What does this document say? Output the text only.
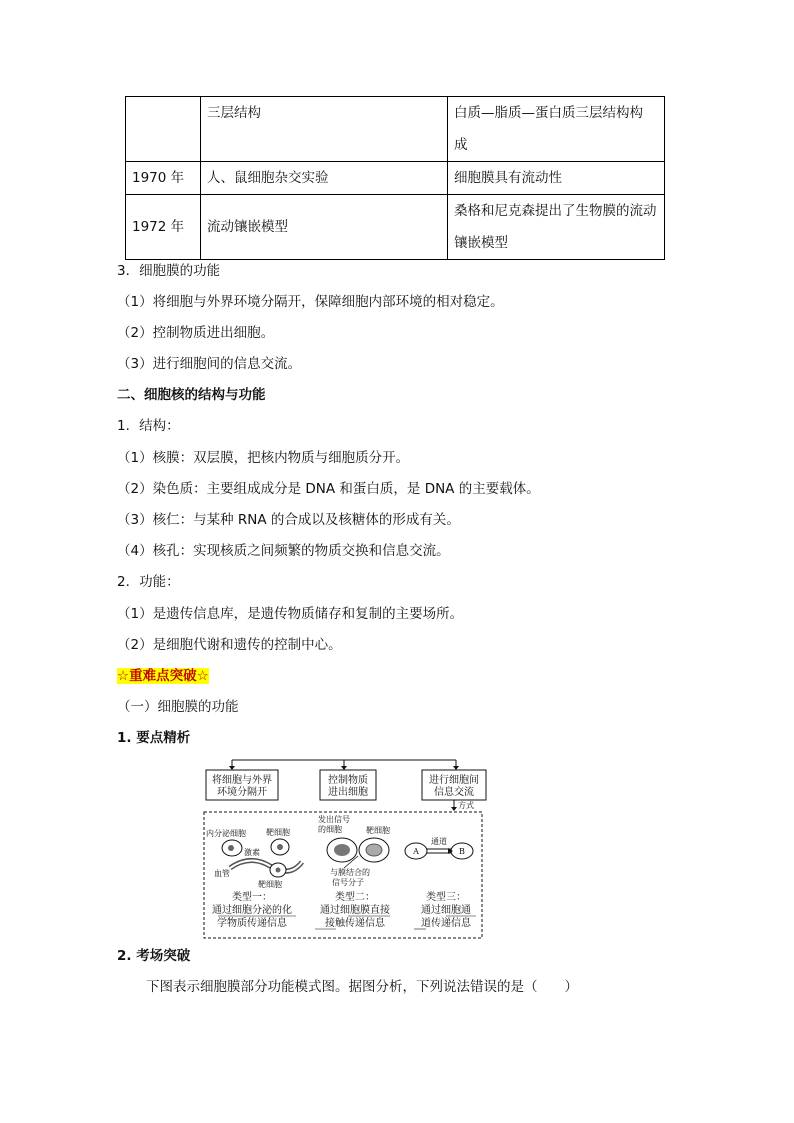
	三层结构	白质—脂质—蛋白质三层结构构
成

1970 年	人、鼠细胞杂交实验	细胞膜具有流动性
1972 年	流动镶嵌模型	桑格和尼克森提出了生物膜的流动
镶嵌模型
3．细胞膜的功能
（1）将细胞与外界环境分隔开，保障细胞内部环境的相对稳定。
（2）控制物质进出细胞。
（3）进行细胞间的信息交流。
二、细胞核的结构与功能
1．结构：
（1）核膜：双层膜，把核内物质与细胞质分开。
（2）染色质：主要组成成分是 DNA 和蛋白质，是 DNA 的主要载体。
（3）核仁：与某种 RNA 的合成以及核糖体的形成有关。
（4）核孔：实现核质之间频繁的物质交换和信息交流。
2．功能：
（1）是遗传信息库，是遗传物质储存和复制的主要场所。
（2）是细胞代谢和遗传的控制中心。
☆重难点突破☆
（一）细胞膜的功能
1. 要点精析
将细胞与外界
环境分隔开
控制物质
进出细胞
进行细胞间
信息交流
方式
内分泌细胞	靶细胞
激素
血管
靶细胞
发出信号
的细胞	靶细胞
与膜结合的
信号分子
A	B
通道
类型一：
通过细胞分泌的化
学物质传递信息
类型二：
通过细胞膜直接
接触传递信息
类型三：
通过细胞通
道传递信息
2. 考场突破
下图表示细胞膜部分功能模式图。据图分析，下列说法错误的是（　　）
